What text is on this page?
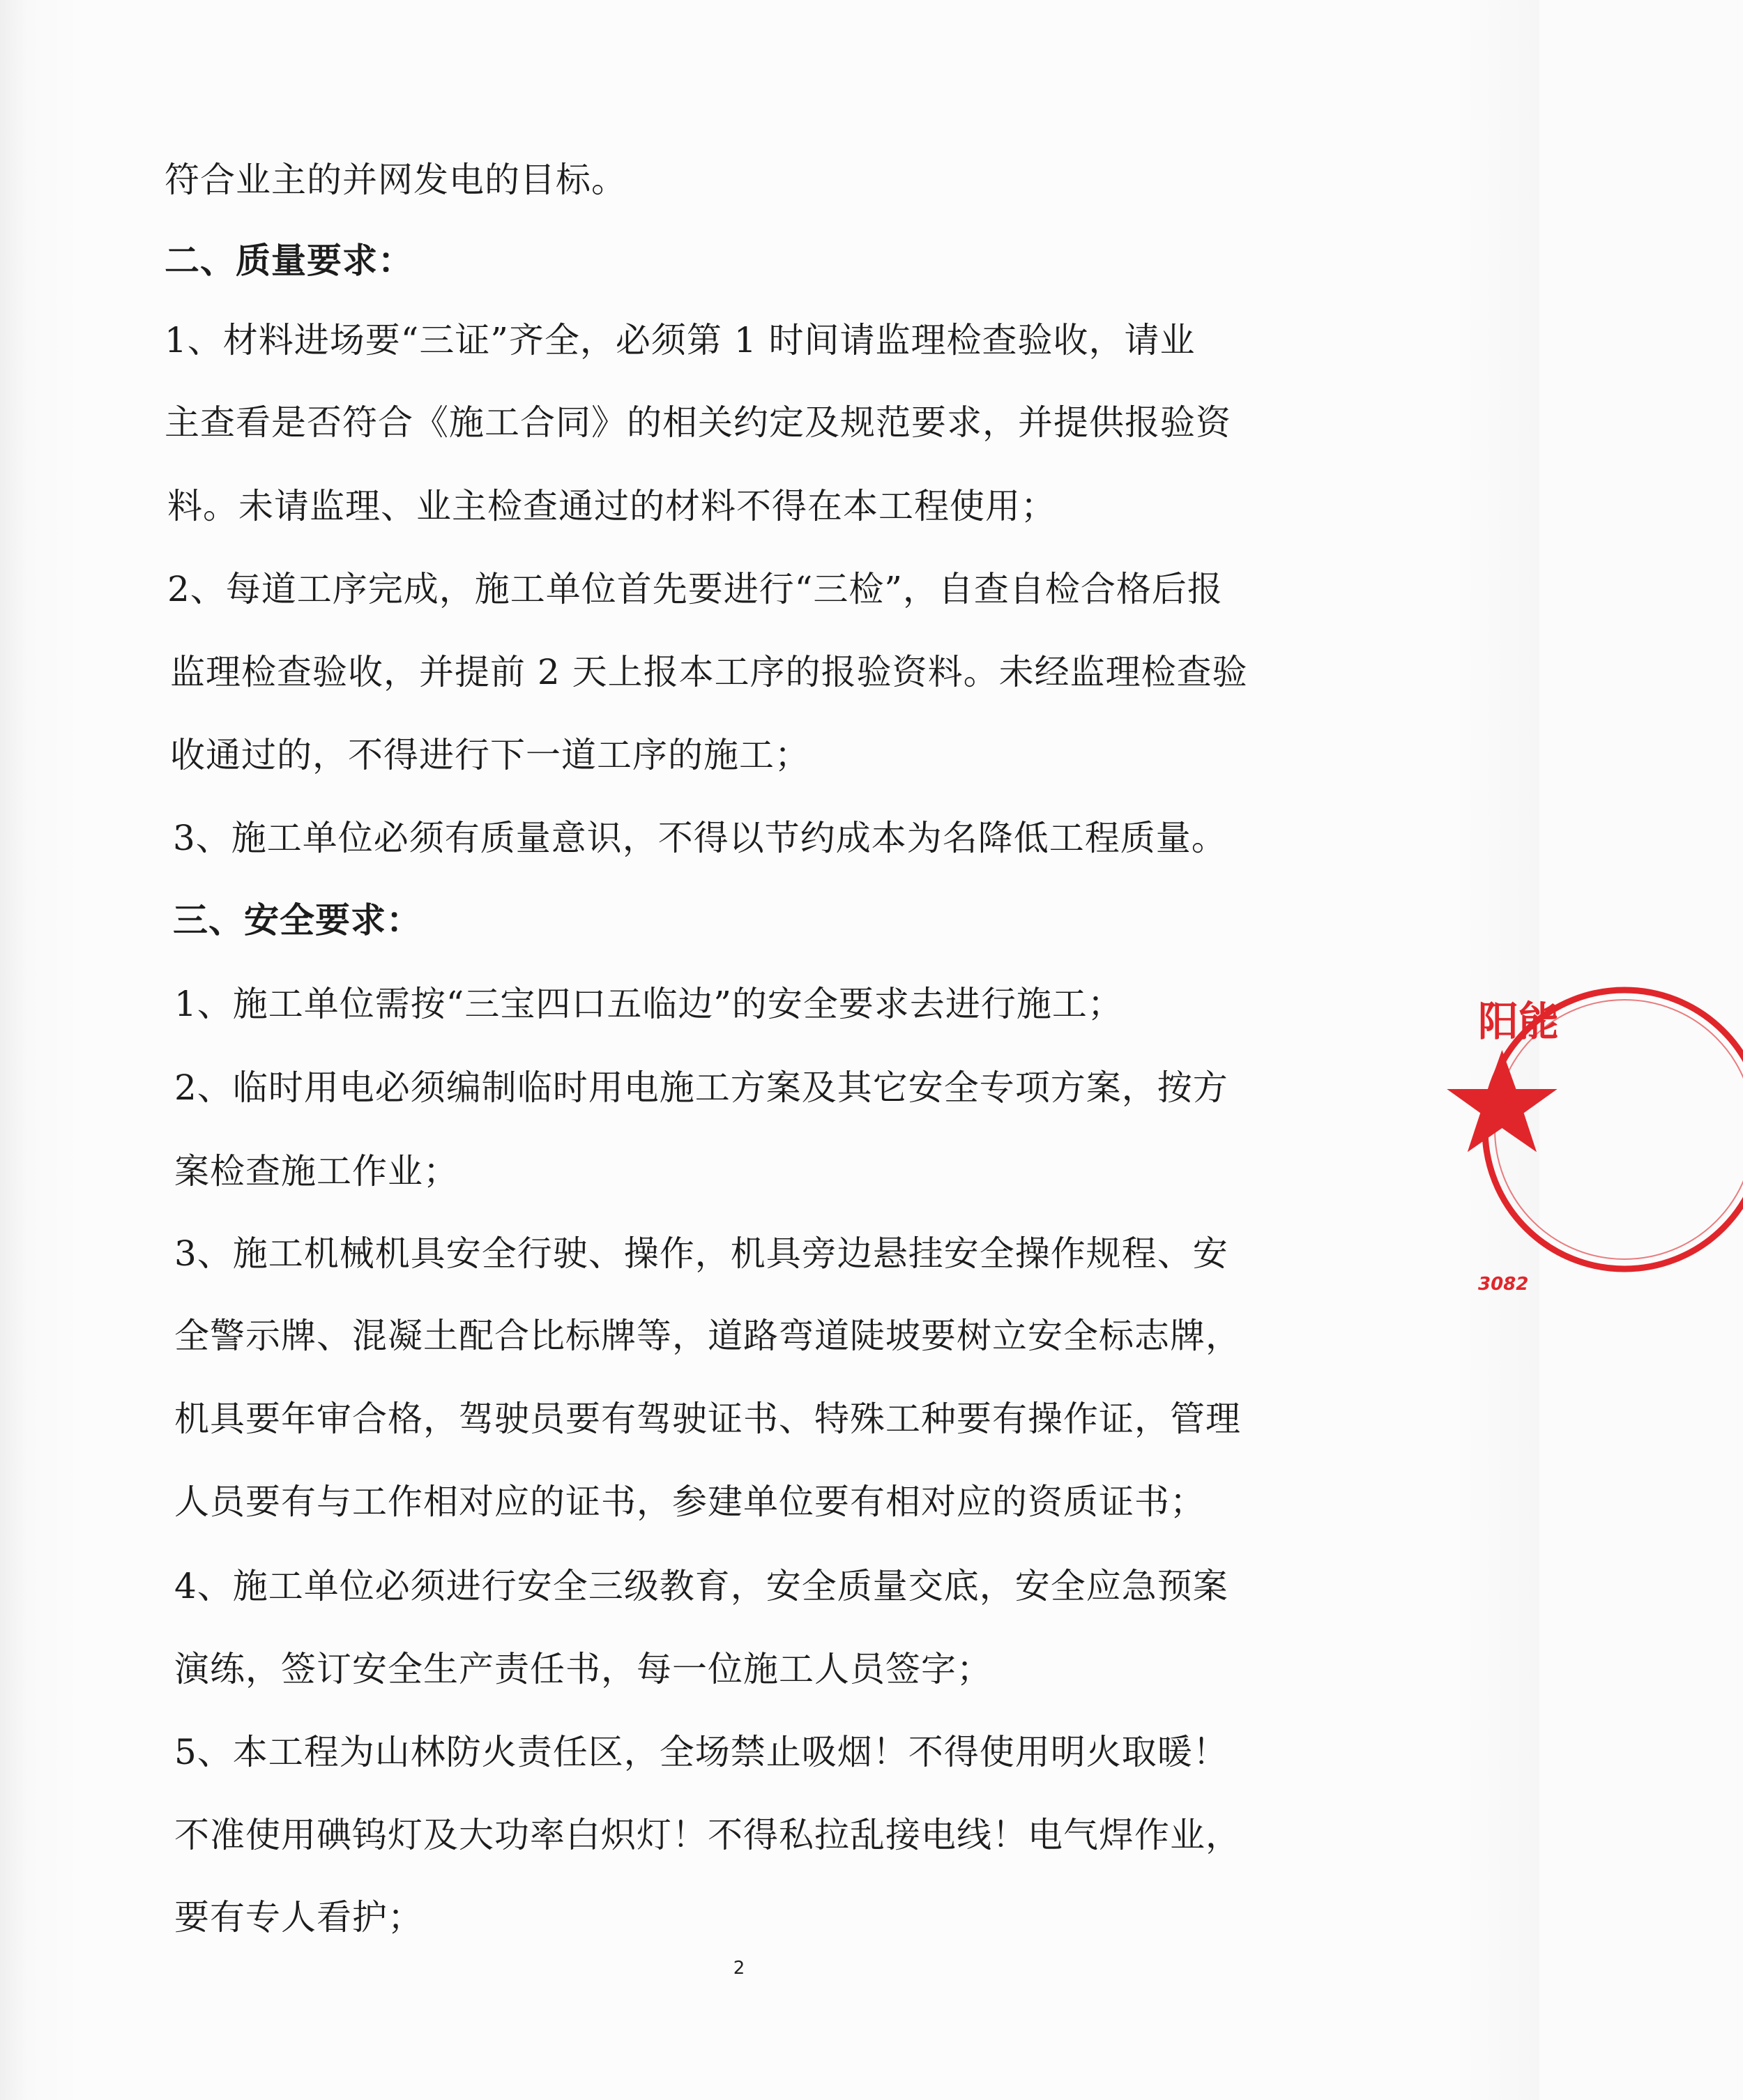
符合业主的并网发电的目标。
二、质量要求：
1、材料进场要“三证”齐全，必须第 1 时间请监理检查验收，请业
主查看是否符合《施工合同》的相关约定及规范要求，并提供报验资
料。未请监理、业主检查通过的材料不得在本工程使用；
2、每道工序完成，施工单位首先要进行“三检”，自查自检合格后报
监理检查验收，并提前 2 天上报本工序的报验资料。未经监理检查验
收通过的，不得进行下一道工序的施工；
3、施工单位必须有质量意识，不得以节约成本为名降低工程质量。
三、安全要求：
1、施工单位需按“三宝四口五临边”的安全要求去进行施工；
2、临时用电必须编制临时用电施工方案及其它安全专项方案，按方
案检查施工作业；
3、施工机械机具安全行驶、操作，机具旁边悬挂安全操作规程、安
全警示牌、混凝土配合比标牌等，道路弯道陡坡要树立安全标志牌，
机具要年审合格，驾驶员要有驾驶证书、特殊工种要有操作证，管理
人员要有与工作相对应的证书，参建单位要有相对应的资质证书；
4、施工单位必须进行安全三级教育，安全质量交底，安全应急预案
演练，签订安全生产责任书，每一位施工人员签字；
5、本工程为山林防火责任区，全场禁止吸烟！不得使用明火取暖！
不准使用碘钨灯及大功率白炽灯！不得私拉乱接电线！电气焊作业，
要有专人看护；
2
阳能
3082
